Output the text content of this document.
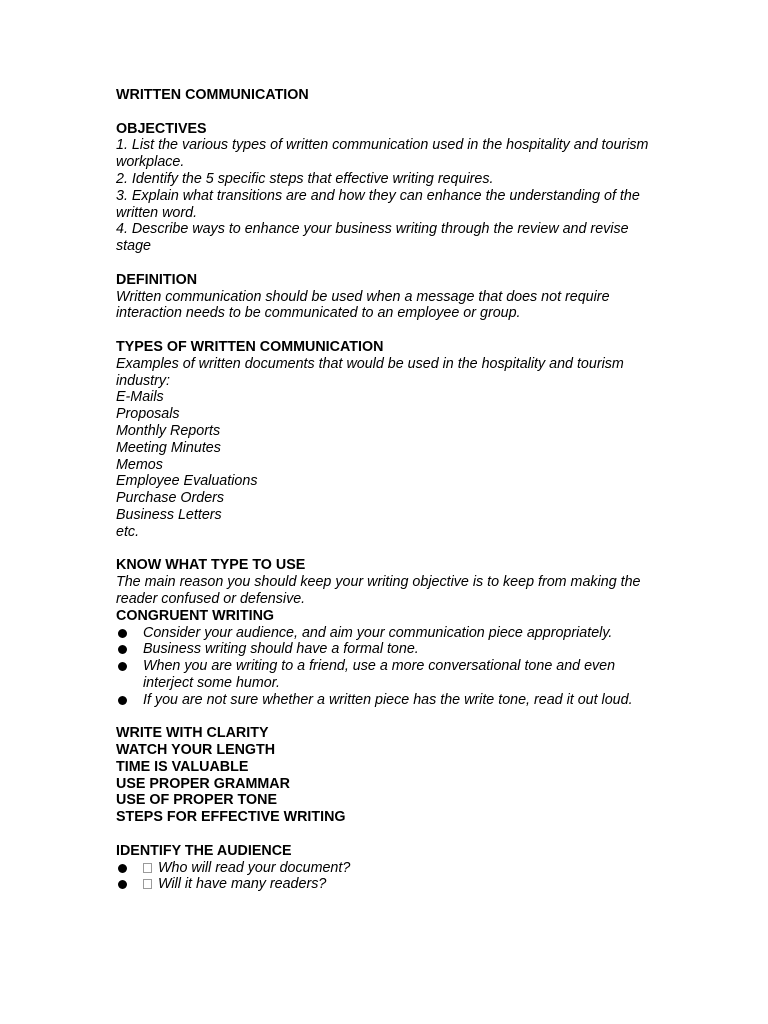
WRITTEN COMMUNICATION
OBJECTIVES
1. List the various types of written communication used in the hospitality and tourism workplace.
2. Identify the 5 specific steps that effective writing requires.
3. Explain what transitions are and how they can enhance the understanding of the written word.
4. Describe ways to enhance your business writing through the review and revise stage
DEFINITION
Written communication should be used when a message that does not require interaction needs to be communicated to an employee or group.
TYPES OF WRITTEN COMMUNICATION
Examples of written documents that would be used in the hospitality and tourism industry:
E-Mails
Proposals
Monthly Reports
Meeting Minutes
Memos
Employee Evaluations
Purchase Orders
Business Letters
etc.
KNOW WHAT TYPE TO USE
The main reason you should keep your writing objective is to keep from making the reader confused or defensive.
CONGRUENT WRITING
Consider your audience, and aim your communication piece appropriately.
Business writing should have a formal tone.
When you are writing to a friend, use a more conversational tone and even interject some humor.
If you are not sure whether a written piece has the write tone, read it out loud.
WRITE WITH CLARITY
WATCH YOUR LENGTH
TIME IS VALUABLE
USE PROPER GRAMMAR
USE OF PROPER TONE
STEPS FOR EFFECTIVE WRITING
IDENTIFY THE AUDIENCE
Who will read your document?
Will it have many readers?
